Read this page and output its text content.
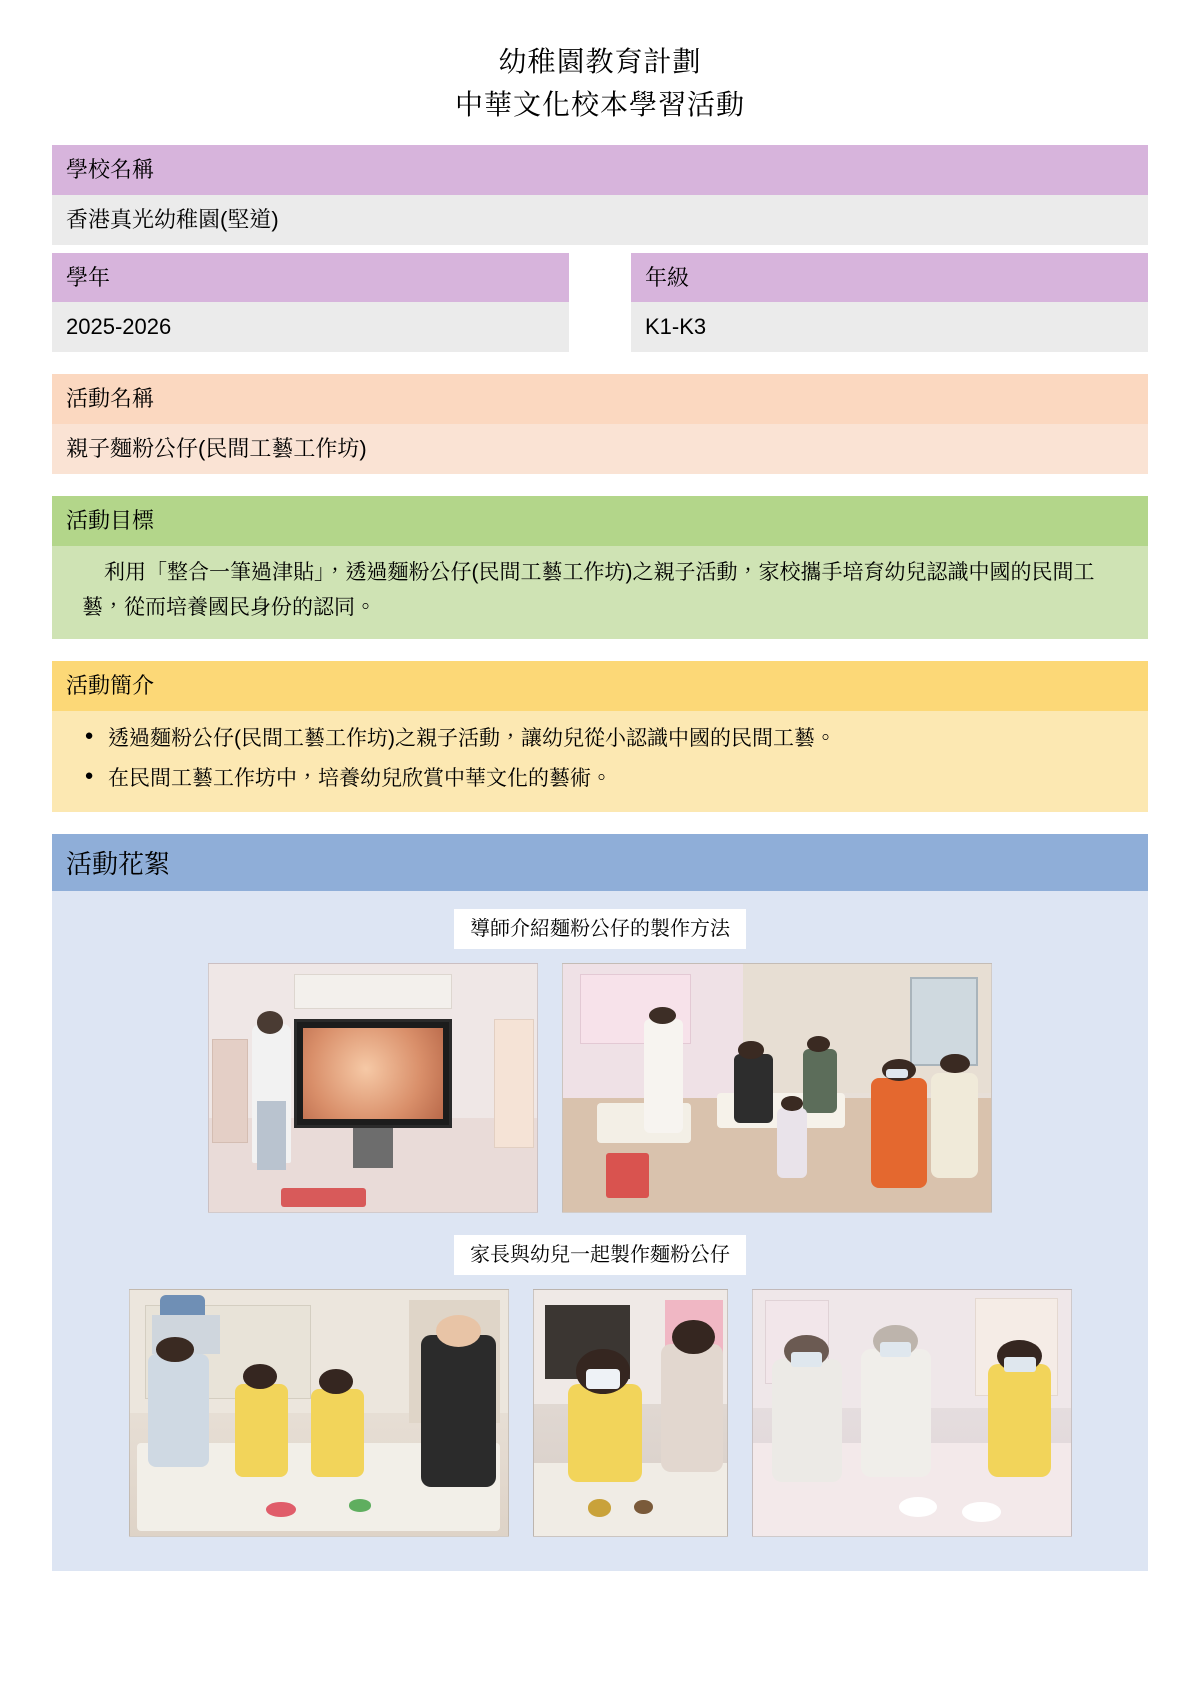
幼稚園教育計劃
中華文化校本學習活動
學校名稱
香港真光幼稚園(堅道)
學年	年級
2025-2026	K1-K3
活動名稱
親子麵粉公仔(民間工藝工作坊)
活動目標
利用「整合一筆過津貼」，透過麵粉公仔(民間工藝工作坊)之親子活動，家校攜手培育幼兒認識中國的民間工藝，從而培養國民身份的認同。
活動簡介
● 透過麵粉公仔(民間工藝工作坊)之親子活動，讓幼兒從小認識中國的民間工藝。
● 在民間工藝工作坊中，培養幼兒欣賞中華文化的藝術。
活動花絮
導師介紹麵粉公仔的製作方法
家長與幼兒一起製作麵粉公仔
